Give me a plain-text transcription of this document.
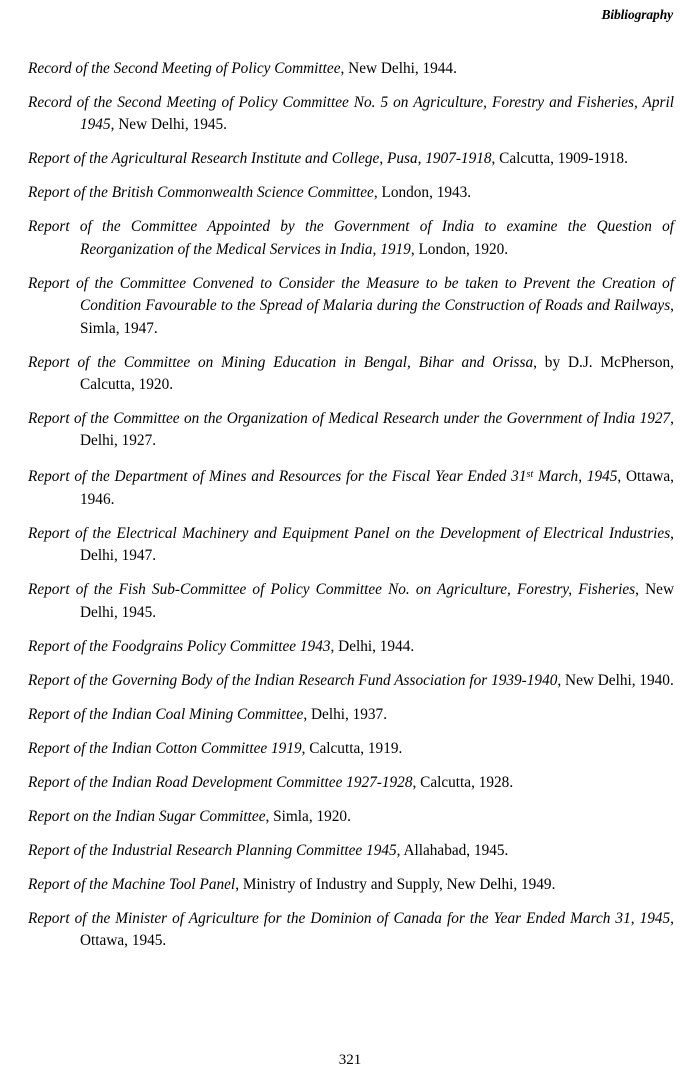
Bibliography

Record of the Second Meeting of Policy Committee, New Delhi, 1944.

Record of the Second Meeting of Policy Committee No. 5 on Agriculture, Forestry and Fisheries, April 1945, New Delhi, 1945.

Report of the Agricultural Research Institute and College, Pusa, 1907-1918, Calcutta, 1909-1918.

Report of the British Commonwealth Science Committee, London, 1943.

Report of the Committee Appointed by the Government of India to examine the Question of Reorganization of the Medical Services in India, 1919, London, 1920.

Report of the Committee Convened to Consider the Measure to be taken to Prevent the Creation of Condition Favourable to the Spread of Malaria during the Construction of Roads and Railways, Simla, 1947.

Report of the Committee on Mining Education in Bengal, Bihar and Orissa, by D.J. McPherson, Calcutta, 1920.

Report of the Committee on the Organization of Medical Research under the Government of India 1927, Delhi, 1927.

Report of the Department of Mines and Resources for the Fiscal Year Ended 31st March, 1945, Ottawa, 1946.

Report of the Electrical Machinery and Equipment Panel on the Development of Electrical Industries, Delhi, 1947.

Report of the Fish Sub-Committee of Policy Committee No. on Agriculture, Forestry, Fisheries, New Delhi, 1945.

Report of the Foodgrains Policy Committee 1943, Delhi, 1944.

Report of the Governing Body of the Indian Research Fund Association for 1939-1940, New Delhi, 1940.

Report of the Indian Coal Mining Committee, Delhi, 1937.

Report of the Indian Cotton Committee 1919, Calcutta, 1919.

Report of the Indian Road Development Committee 1927-1928, Calcutta, 1928.

Report on the Indian Sugar Committee, Simla, 1920.

Report of the Industrial Research Planning Committee 1945, Allahabad, 1945.

Report of the Machine Tool Panel, Ministry of Industry and Supply, New Delhi, 1949.

Report of the Minister of Agriculture for the Dominion of Canada for the Year Ended March 31, 1945, Ottawa, 1945.

321
